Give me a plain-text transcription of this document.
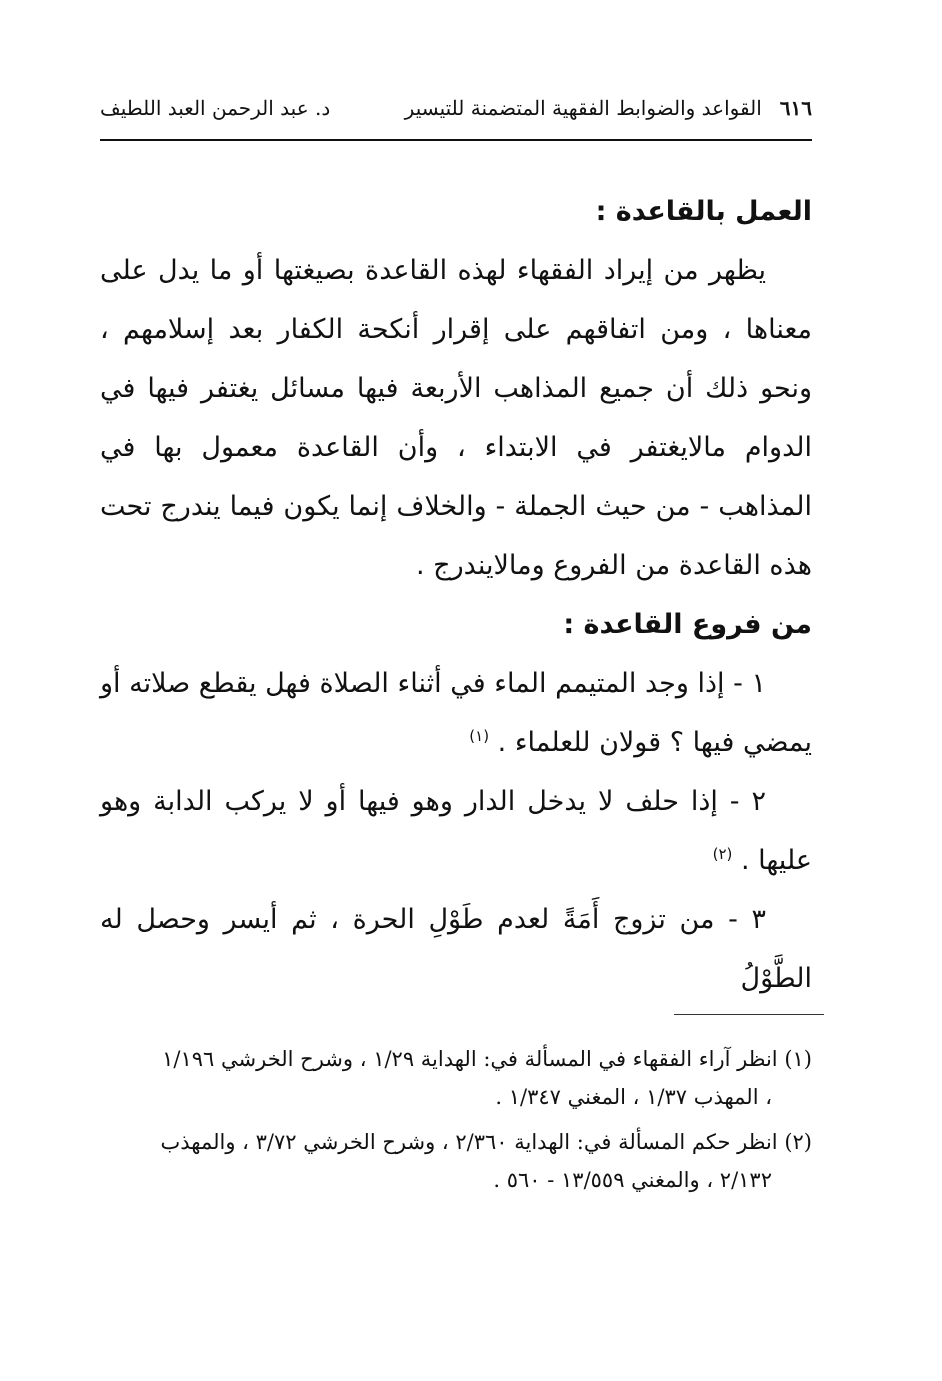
٦١٦
القواعد والضوابط الفقهية المتضمنة للتيسير
د. عبد الرحمن العبد اللطيف

العمل بالقاعدة :

يظهر من إيراد الفقهاء لهذه القاعدة بصيغتها أو ما يدل على معناها ، ومن اتفاقهم على إقرار أنكحة الكفار بعد إسلامهم ، ونحو ذلك أن جميع المذاهب الأربعة فيها مسائل يغتفر فيها في الدوام مالايغتفر في الابتداء ، وأن القاعدة معمول بها في المذاهب - من حيث الجملة - والخلاف إنما يكون فيما يندرج تحت هذه القاعدة من الفروع ومالايندرج .

من فروع القاعدة :

١ - إذا وجد المتيمم الماء في أثناء الصلاة فهل يقطع صلاته أو يمضي فيها ؟ قولان للعلماء . $^{(١)}$

٢ - إذا حلف لا يدخل الدار وهو فيها أو لا يركب الدابة وهو عليها . $^{(٢)}$

٣ - من تزوج أَمَةً لعدم طَوْلِ الحرة ، ثم أيسر وحصل له الطَّوْلُ

(١) انظر آراء الفقهاء في المسألة في: الهداية ١/٢٩ ، وشرح الخرشي ١/١٩٦
، المهذب ١/٣٧ ، المغني ١/٣٤٧ .

(٢) انظر حكم المسألة في: الهداية ٢/٣٦٠ ، وشرح الخرشي ٣/٧٢ ، والمهذب
٢/١٣٢ ، والمغني ١٣/٥٥٩ - ٥٦٠ .
